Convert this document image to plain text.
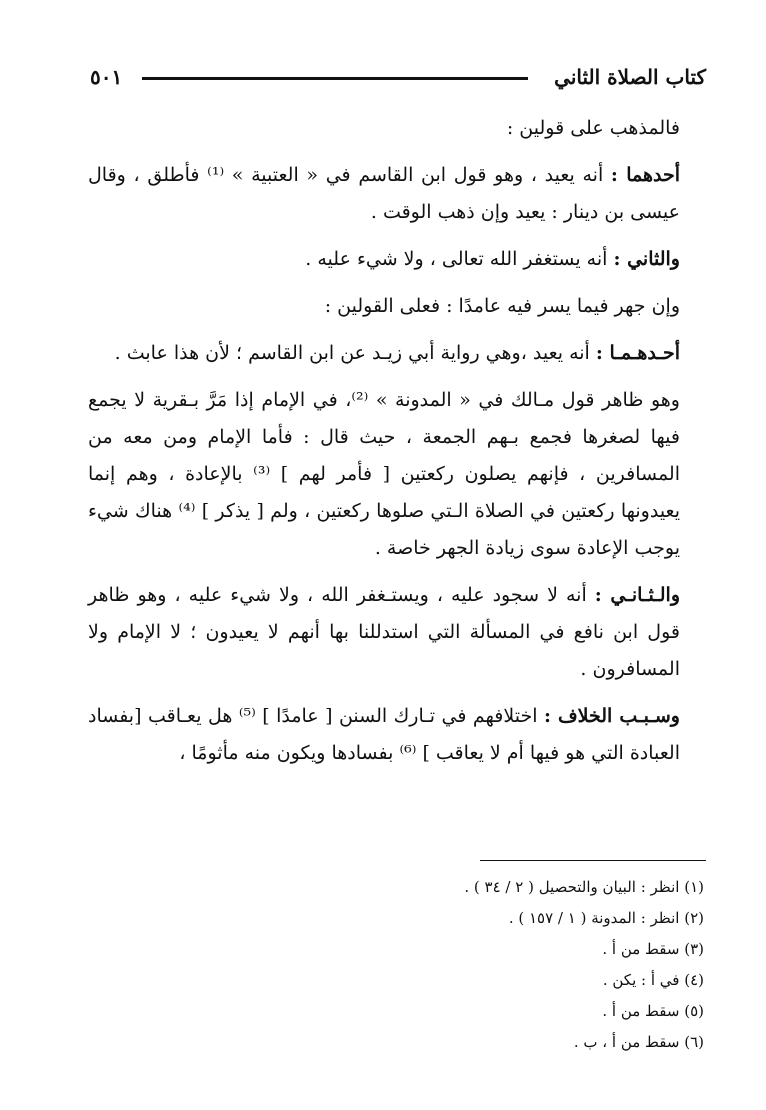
كتاب الصلاة الثاني
٥٠١

فالمذهب على قولين :

أحدهما : أنه يعيد ، وهو قول ابن القاسم في « العتبية » ⁽¹⁾ فأطلق ، وقال عيسى بن دينار : يعيد وإن ذهب الوقت .

والثاني : أنه يستغفر الله تعالى ، ولا شيء عليه .

وإن جهر فيما يسر فيه عامدًا : فعلى القولين :

أحـدهـمـا : أنه يعيد ،وهي رواية أبي زيـد عن ابن القاسم ؛ لأن هذا عابث .

وهو ظاهر قول مـالك في « المدونة » ⁽²⁾، في الإمام إذا مَرَّ بـقرية لا يجمع فيها لصغرها فجمع بـهم الجمعة ، حيث قال : فأما الإمام ومن معه من المسافرين ، فإنهم يصلون ركعتين [ فأمر لهم ] ⁽³⁾ بالإعادة ، وهم إنما يعيدونها ركعتين في الصلاة الـتي صلوها ركعتين ، ولم [ يذكر ] ⁽⁴⁾ هناك شيء يوجب الإعادة سوى زيادة الجهر خاصة .

والـثـانـي : أنه لا سجود عليه ، ويستـغفر الله ، ولا شيء عليه ، وهو ظاهر قول ابن نافع في المسألة التي استدللنا بها أنهم لا يعيدون ؛ لا الإمام ولا المسافرون .

وسـبـب الخلاف : اختلافهم في تـارك السنن [ عامدًا ] ⁽⁵⁾ هل يعـاقب [بفساد العبادة التي هو فيها أم لا يعاقب ] ⁽⁶⁾ بفسادها ويكون منه مأثومًا ،

(١) انظر : البيان والتحصيل ( ٢ / ٣٤ ) .
(٢) انظر : المدونة ( ١ / ١٥٧ ) .
(٣) سقط من أ .
(٤) في أ : يكن .
(٥) سقط من أ .
(٦) سقط من أ ، ب .
